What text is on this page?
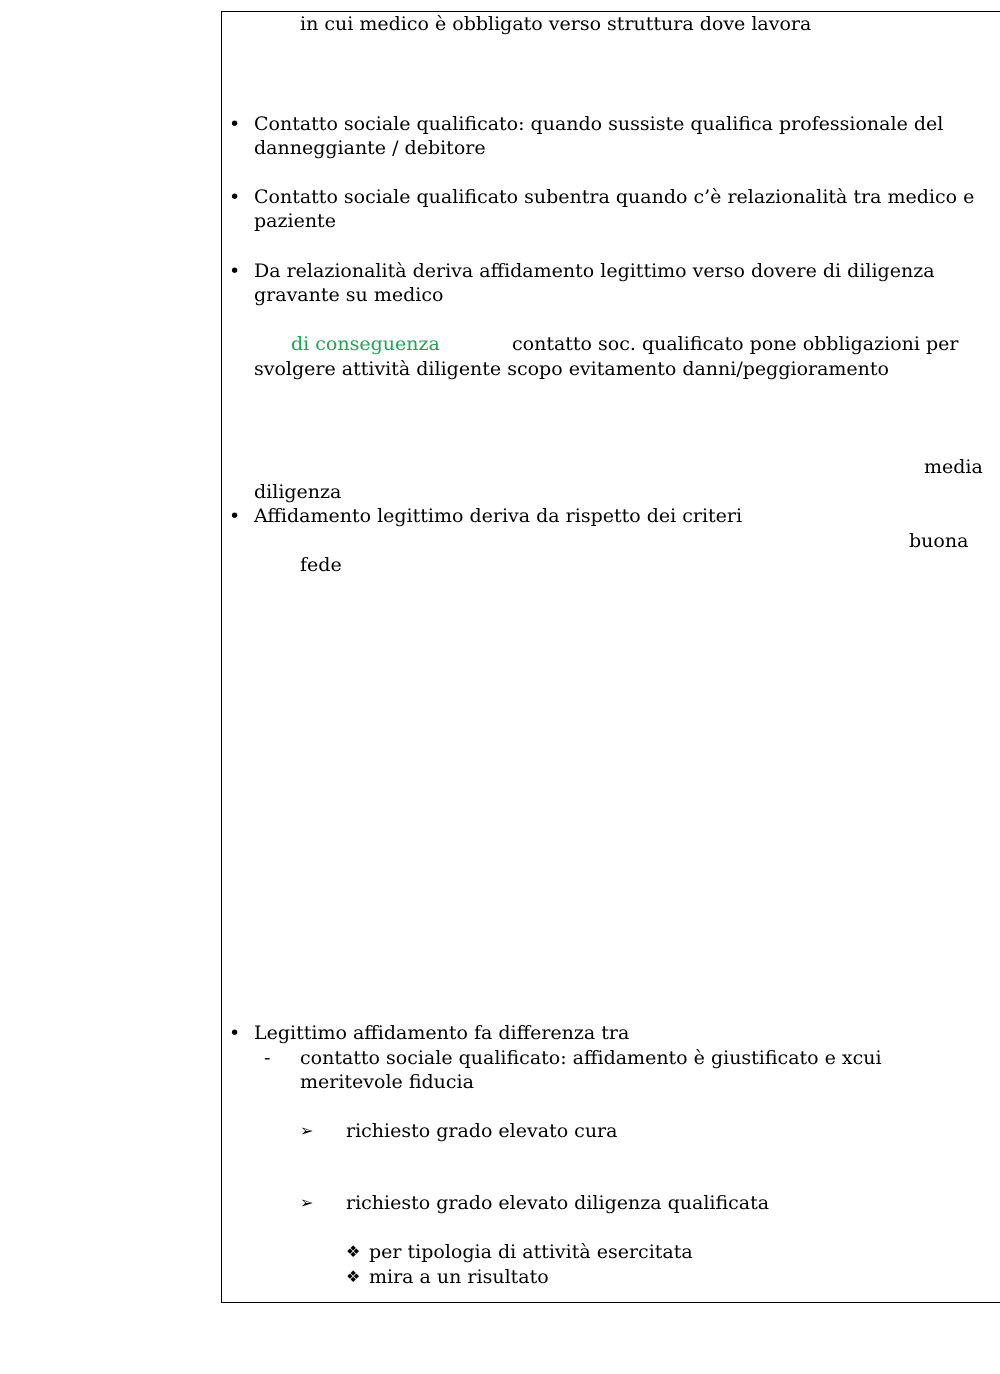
in cui medico è obbligato verso struttura dove lavora
• Contatto sociale qualificato: quando sussiste qualifica professionale del
danneggiante / debitore
• Contatto sociale qualificato subentra quando c’è relazionalità tra medico e
paziente
• Da relazionalità deriva affidamento legittimo verso dovere di diligenza
gravante su medico
di conseguenza	contatto soc. qualificato pone obbligazioni per
svolgere attività diligente scopo evitamento danni/peggioramento
media
diligenza
• Affidamento legittimo deriva da rispetto dei criteri
buona
fede
• Legittimo affidamento fa differenza tra
- contatto sociale qualificato: affidamento è giustificato e xcui
meritevole fiducia
➢ richiesto grado elevato cura
➢ richiesto grado elevato diligenza qualificata
❖ per tipologia di attività esercitata
❖ mira a un risultato
